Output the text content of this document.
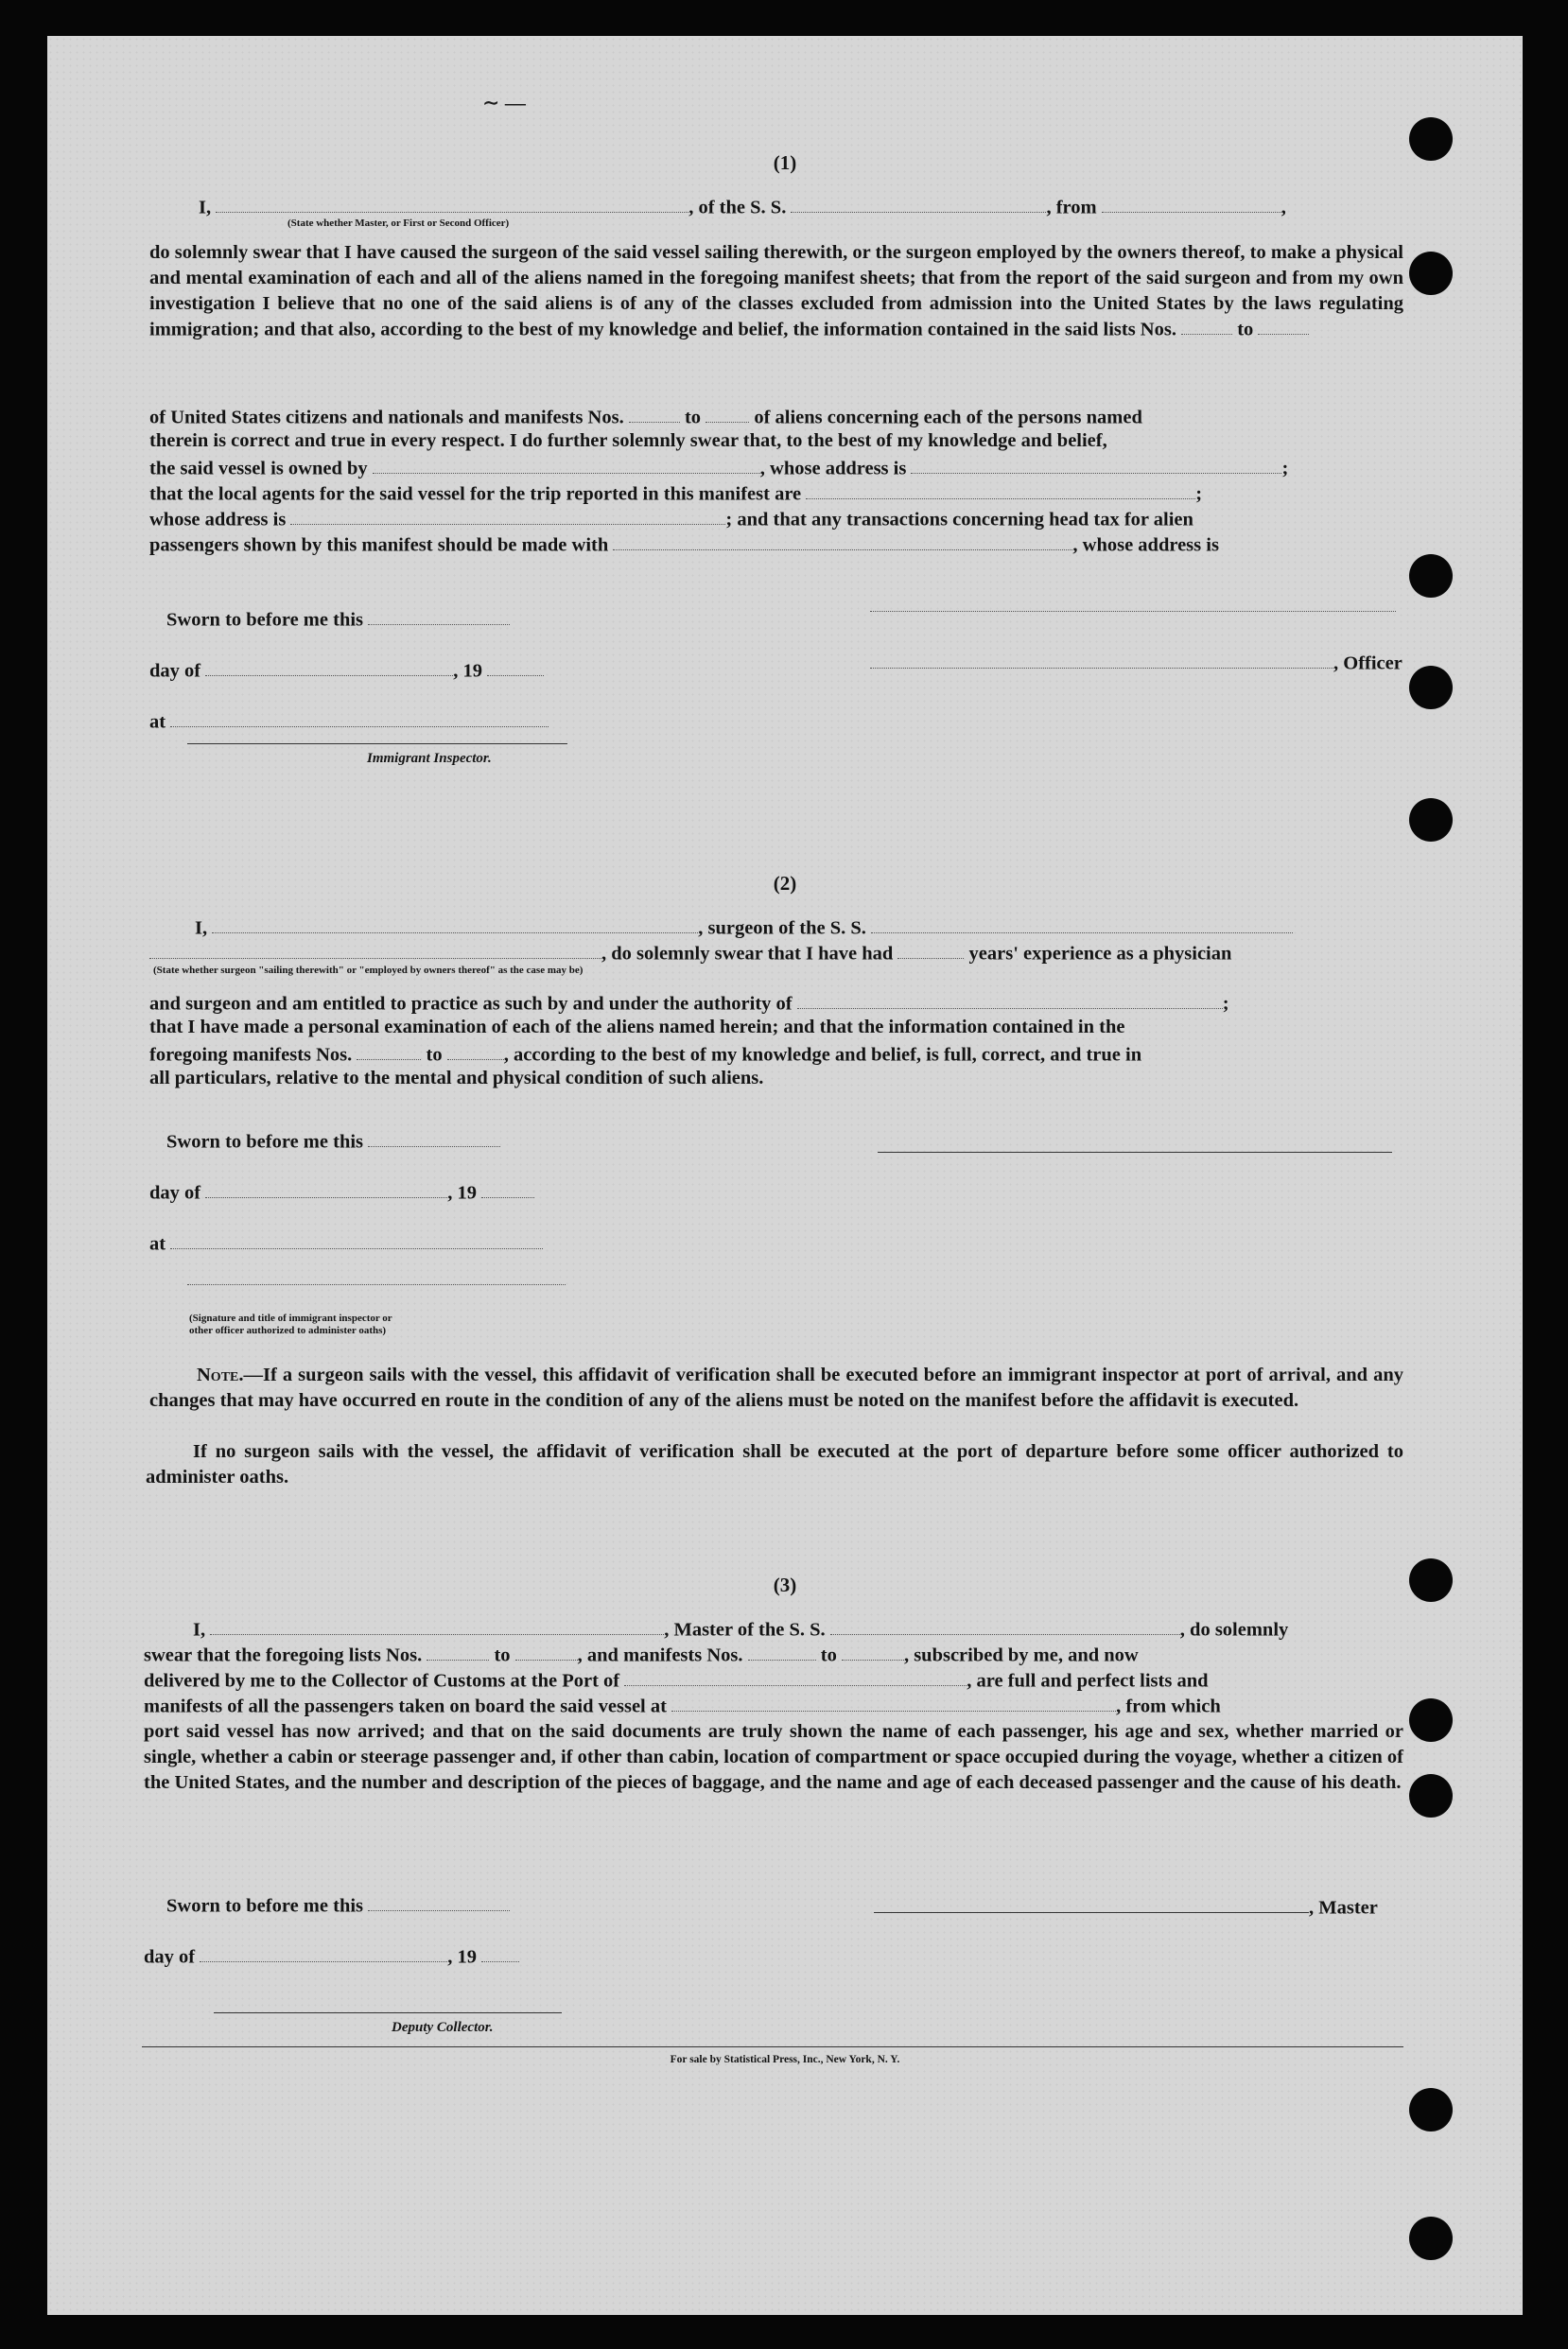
∼ —
(1)
I,	, of the S. S.	, from	,
(State whether Master, or First or Second Officer)
do solemnly swear that I have caused the surgeon of the said vessel sailing therewith, or the surgeon employed by the owners thereof, to make a physical and mental examination of each and all of the aliens named in the foregoing manifest sheets; that from the report of the said surgeon and from my own investigation I believe that no one of the said aliens is of any of the classes excluded from admission into the United States by the laws regulating immigration; and that also, according to the best of my knowledge and belief, the information contained in the said lists Nos.	to
of United States citizens and nationals and manifests Nos.	to	of aliens concerning each of the persons named
therein is correct and true in every respect. I do further solemnly swear that, to the best of my knowledge and belief,
the said vessel is owned by	, whose address is	;
that the local agents for the said vessel for the trip reported in this manifest are	;
whose address is	; and that any transactions concerning head tax for alien
passengers shown by this manifest should be made with	, whose address is
Sworn to before me this
day of	, 19
at
Immigrant Inspector.
, Officer
(2)
I,	, surgeon of the S. S.
, do solemnly swear that I have had	years' experience as a physician
(State whether surgeon "sailing therewith" or "employed by owners thereof" as the case may be)
and surgeon and am entitled to practice as such by and under the authority of	;
that I have made a personal examination of each of the aliens named herein; and that the information contained in the
foregoing manifests Nos.	to	, according to the best of my knowledge and belief, is full, correct, and true in
all particulars, relative to the mental and physical condition of such aliens.
Sworn to before me this
day of	, 19
at
(Signature and title of immigrant inspector or
other officer authorized to administer oaths)
Note.—If a surgeon sails with the vessel, this affidavit of verification shall be executed before an immigrant inspector at port of arrival, and any changes that may have occurred en route in the condition of any of the aliens must be noted on the manifest before the affidavit is executed.
If no surgeon sails with the vessel, the affidavit of verification shall be executed at the port of departure before some officer authorized to administer oaths.
(3)
I,	, Master of the S. S.	, do solemnly
swear that the foregoing lists Nos.	to	, and manifests Nos.	to	, subscribed by me, and now
delivered by me to the Collector of Customs at the Port of	, are full and perfect lists and
manifests of all the passengers taken on board the said vessel at	, from which
port said vessel has now arrived; and that on the said documents are truly shown the name of each passenger, his age and sex, whether married or single, whether a cabin or steerage passenger and, if other than cabin, location of compartment or space occupied during the voyage, whether a citizen of the United States, and the number and description of the pieces of baggage, and the name and age of each deceased passenger and the cause of his death.
Sworn to before me this	, Master
day of	, 19
Deputy Collector.
For sale by Statistical Press, Inc., New York, N. Y.
